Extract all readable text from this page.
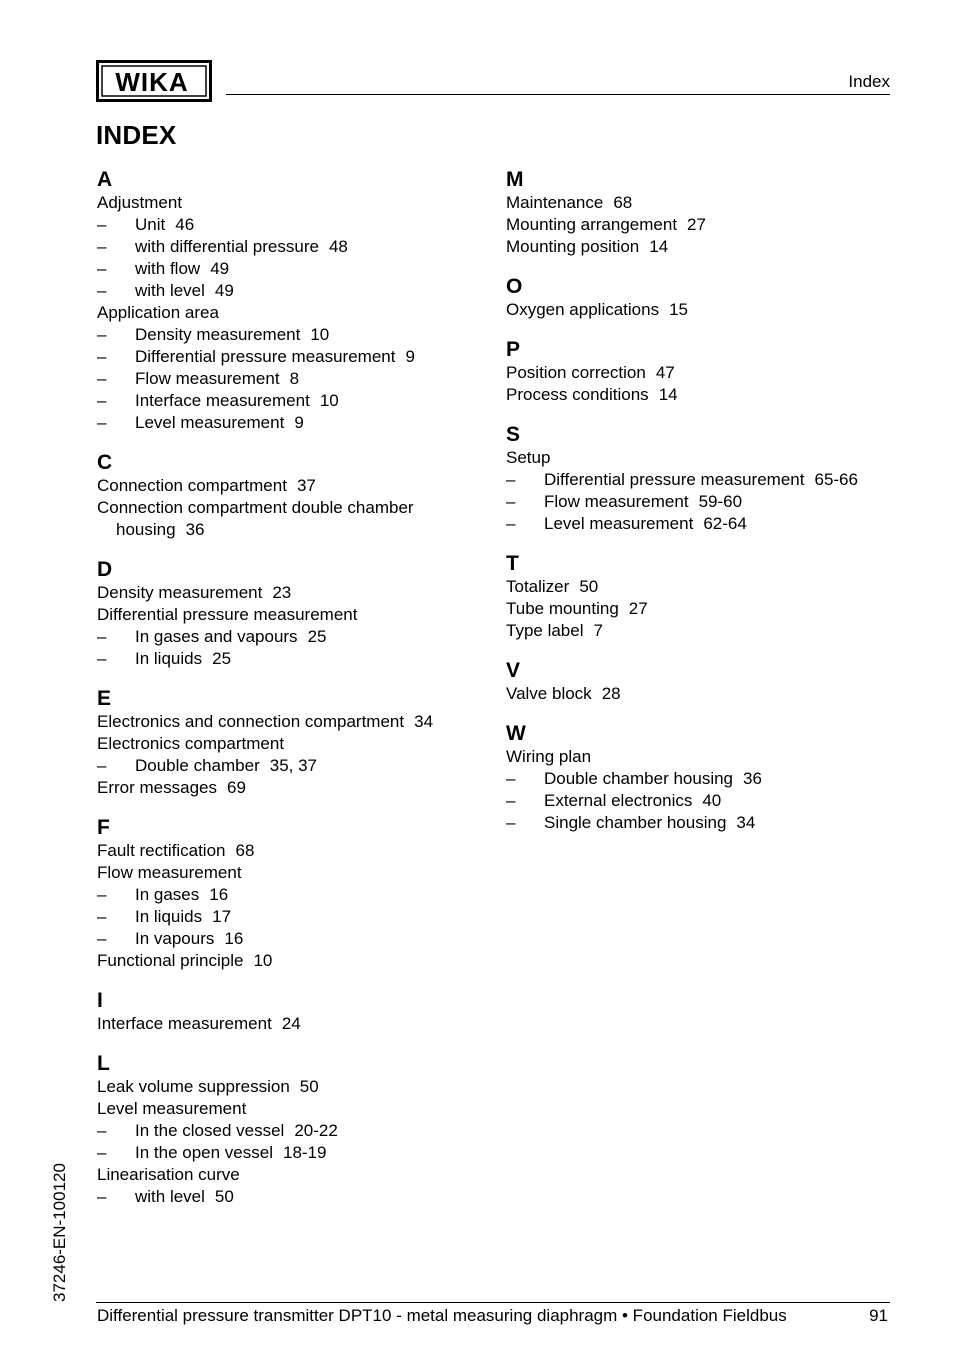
WIKA	Index
INDEX
A
Adjustment
– Unit 46
– with differential pressure 48
– with flow 49
– with level 49
Application area
– Density measurement 10
– Differential pressure measurement 9
– Flow measurement 8
– Interface measurement 10
– Level measurement 9
C
Connection compartment 37
Connection compartment double chamber
housing 36
D
Density measurement 23
Differential pressure measurement
– In gases and vapours 25
– In liquids 25
E
Electronics and connection compartment 34
Electronics compartment
– Double chamber 35, 37
Error messages 69
F
Fault rectification 68
Flow measurement
– In gases 16
– In liquids 17
– In vapours 16
Functional principle 10
I
Interface measurement 24
L
Leak volume suppression 50
Level measurement
– In the closed vessel 20-22
– In the open vessel 18-19
Linearisation curve
– with level 50
M
Maintenance 68
Mounting arrangement 27
Mounting position 14
O
Oxygen applications 15
P
Position correction 47
Process conditions 14
S
Setup
– Differential pressure measurement 65-66
– Flow measurement 59-60
– Level measurement 62-64
T
Totalizer 50
Tube mounting 27
Type label 7
V
Valve block 28
W
Wiring plan
– Double chamber housing 36
– External electronics 40
– Single chamber housing 34
37246-EN-100120
Differential pressure transmitter DPT10 - metal measuring diaphragm • Foundation Fieldbus	91
